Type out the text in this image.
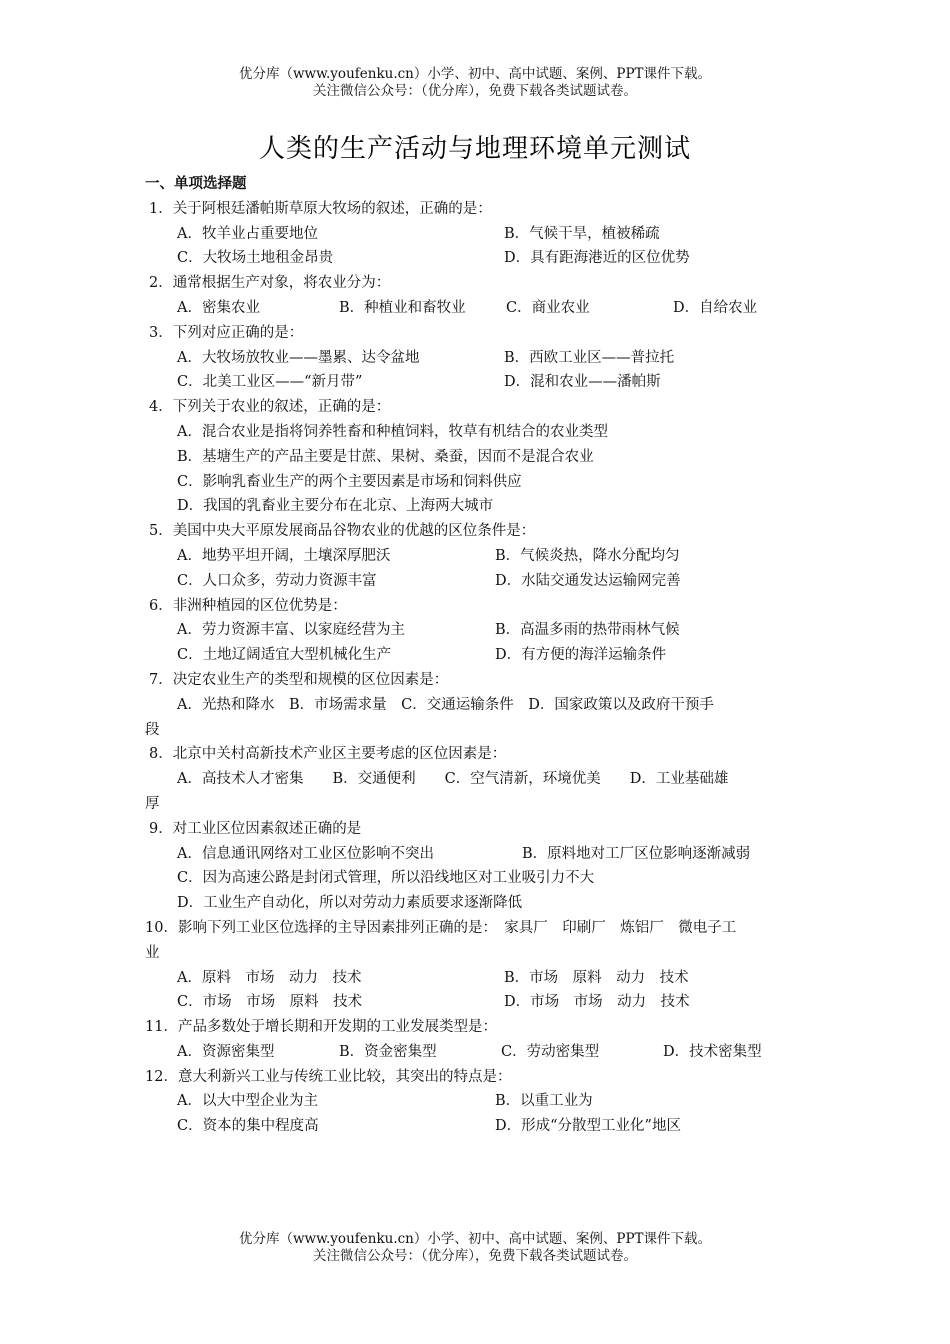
优分库（www.youfenku.cn）小学、初中、高中试题、案例、PPT课件下载。
关注微信公众号：（优分库），免费下载各类试题试卷。
人类的生产活动与地理环境单元测试
一、单项选择题
1．关于阿根廷潘帕斯草原大牧场的叙述，正确的是：
A．牧羊业占重要地位	B．气候干旱，植被稀疏
C．大牧场土地租金昂贵	D．具有距海港近的区位优势
2．通常根据生产对象，将农业分为：
A．密集农业	B．种植业和畜牧业	C．商业农业	D．自给农业
3．下列对应正确的是：
A．大牧场放牧业——墨累、达令盆地	B．西欧工业区——普拉托
C．北美工业区——“新月带”	D．混和农业——潘帕斯
4．下列关于农业的叙述，正确的是：
A．混合农业是指将饲养牲畜和种植饲料，牧草有机结合的农业类型
B．基塘生产的产品主要是甘蔗、果树、桑蚕，因而不是混合农业
C．影响乳畜业生产的两个主要因素是市场和饲料供应
D．我国的乳畜业主要分布在北京、上海两大城市
5．美国中央大平原发展商品谷物农业的优越的区位条件是：
A．地势平坦开阔，土壤深厚肥沃	B．气候炎热，降水分配均匀
C．人口众多，劳动力资源丰富	D．水陆交通发达运输网完善
6．非洲种植园的区位优势是：
A．劳力资源丰富、以家庭经营为主	B．高温多雨的热带雨林气候
C．土地辽阔适宜大型机械化生产	D．有方便的海洋运输条件
7．决定农业生产的类型和规模的区位因素是：
A．光热和降水　B．市场需求量　C．交通运输条件　D．国家政策以及政府干预手
段
8．北京中关村高新技术产业区主要考虑的区位因素是：
A．高技术人才密集　　B．交通便利　　C．空气清新，环境优美　　D．工业基础雄
厚
9．对工业区位因素叙述正确的是
A．信息通讯网络对工业区位影响不突出	B．原料地对工厂区位影响逐渐减弱
C．因为高速公路是封闭式管理，所以沿线地区对工业吸引力不大
D．工业生产自动化，所以对劳动力素质要求逐渐降低
10．影响下列工业区位选择的主导因素排列正确的是：　家具厂　印刷厂　炼铝厂　微电子工
业
A．原料　市场　动力　技术	B．市场　原料　动力　技术
C．市场　市场　原料　技术	D．市场　市场　动力　技术
11．产品多数处于增长期和开发期的工业发展类型是：
A．资源密集型	B．资金密集型	C．劳动密集型	D．技术密集型
12．意大利新兴工业与传统工业比较，其突出的特点是：
A．以大中型企业为主	B．以重工业为
C．资本的集中程度高	D．形成“分散型工业化”地区
优分库（www.youfenku.cn）小学、初中、高中试题、案例、PPT课件下载。
关注微信公众号：（优分库），免费下载各类试题试卷。
